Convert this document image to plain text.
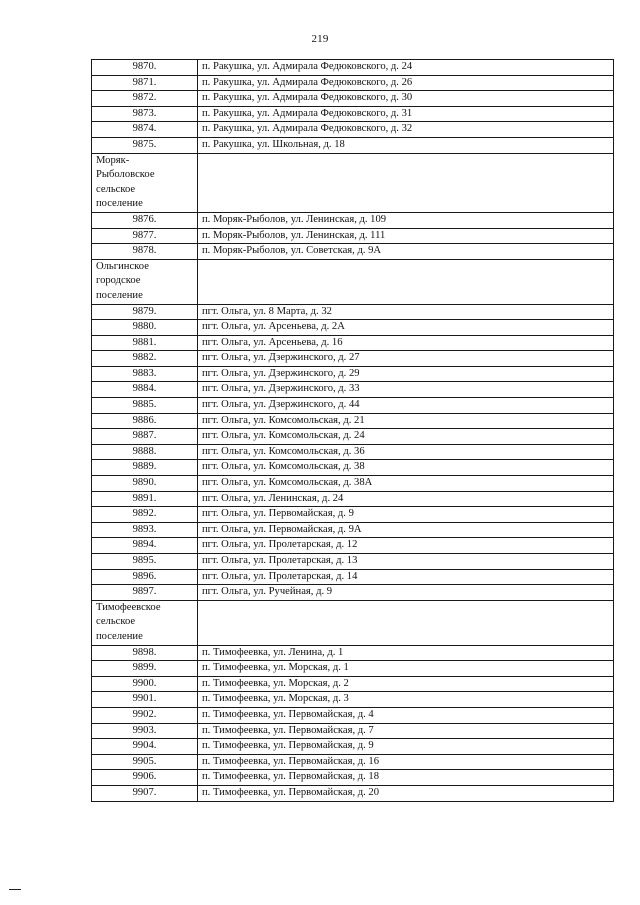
219
9870.	п. Ракушка, ул. Адмирала Федюковского, д. 24
9871.	п. Ракушка, ул. Адмирала Федюковского, д. 26
9872.	п. Ракушка, ул. Адмирала Федюковского, д. 30
9873.	п. Ракушка, ул. Адмирала Федюковского, д. 31
9874.	п. Ракушка, ул. Адмирала Федюковского, д. 32
9875.	п. Ракушка, ул. Школьная, д. 18

Моряк-
Рыболовское
сельское
поселение	

9876.	п. Моряк-Рыболов, ул. Ленинская, д. 109
9877.	п. Моряк-Рыболов, ул. Ленинская, д. 111
9878.	п. Моряк-Рыболов, ул. Советская, д. 9А

Ольгинское
городское
поселение	

9879.	пгт. Ольга, ул. 8 Марта, д. 32
9880.	пгт. Ольга, ул. Арсеньева, д. 2А
9881.	пгт. Ольга, ул. Арсеньева, д. 16
9882.	пгт. Ольга, ул. Дзержинского, д. 27
9883.	пгт. Ольга, ул. Дзержинского, д. 29
9884.	пгт. Ольга, ул. Дзержинского, д. 33
9885.	пгт. Ольга, ул. Дзержинского, д. 44
9886.	пгт. Ольга, ул. Комсомольская, д. 21
9887.	пгт. Ольга, ул. Комсомольская, д. 24
9888.	пгт. Ольга, ул. Комсомольская, д. 36
9889.	пгт. Ольга, ул. Комсомольская, д. 38
9890.	пгт. Ольга, ул. Комсомольская, д. 38А
9891.	пгт. Ольга, ул. Ленинская, д. 24
9892.	пгт. Ольга, ул. Первомайская, д. 9
9893.	пгт. Ольга, ул. Первомайская, д. 9А
9894.	пгт. Ольга, ул. Пролетарская, д. 12
9895.	пгт. Ольга, ул. Пролетарская, д. 13
9896.	пгт. Ольга, ул. Пролетарская, д. 14
9897.	пгт. Ольга, ул. Ручейная, д. 9

Тимофеевское
сельское
поселение	

9898.	п. Тимофеевка, ул. Ленина, д. 1
9899.	п. Тимофеевка, ул. Морская, д. 1
9900.	п. Тимофеевка, ул. Морская, д. 2
9901.	п. Тимофеевка, ул. Морская, д. 3
9902.	п. Тимофеевка, ул. Первомайская, д. 4
9903.	п. Тимофеевка, ул. Первомайская, д. 7
9904.	п. Тимофеевка, ул. Первомайская, д. 9
9905.	п. Тимофеевка, ул. Первомайская, д. 16
9906.	п. Тимофеевка, ул. Первомайская, д. 18
9907.	п. Тимофеевка, ул. Первомайская, д. 20
